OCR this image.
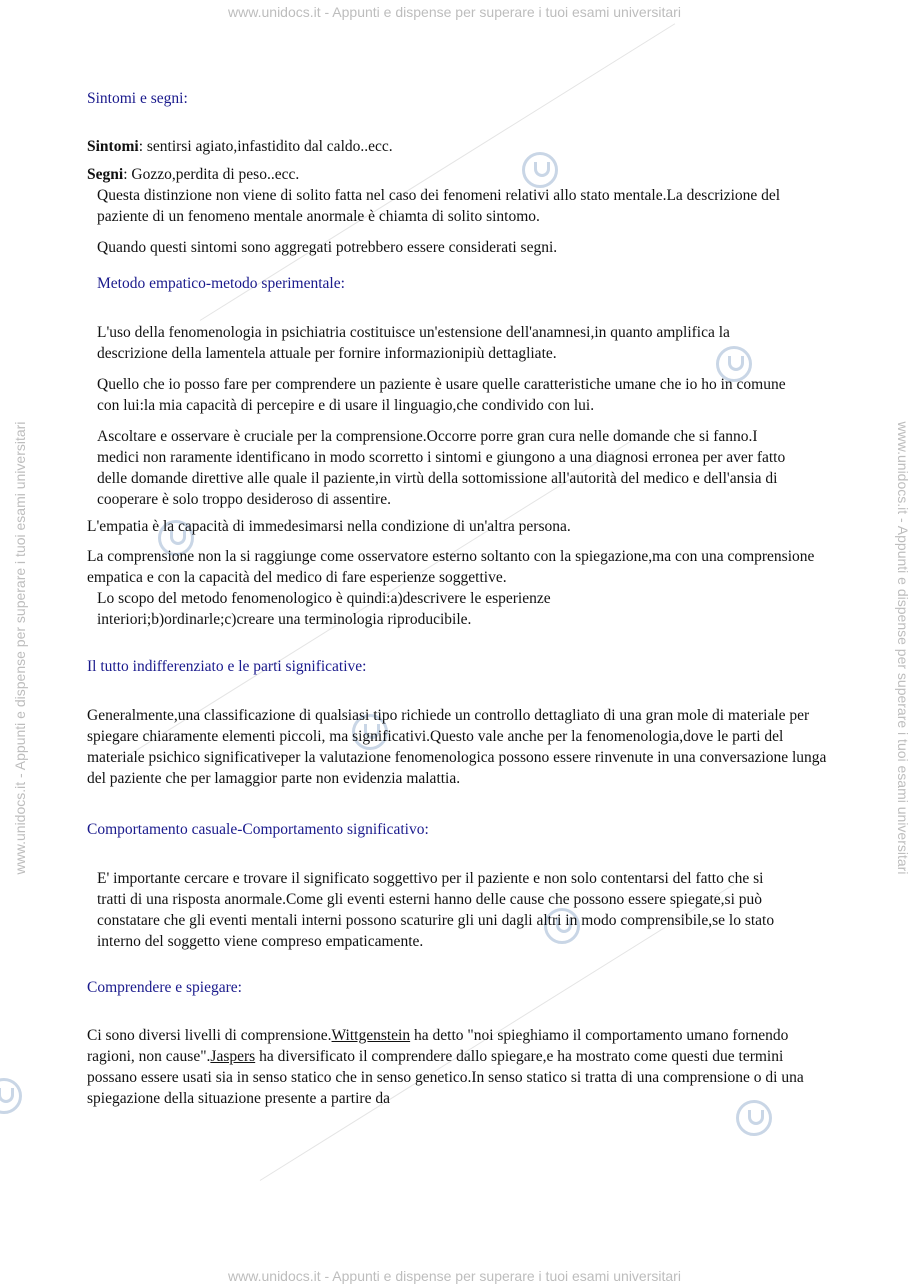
www.unidocs.it - Appunti e dispense per superare i tuoi esami universitari
www.unidocs.it - Appunti e dispense per superare i tuoi esami universitari
www.unidocs.it - Appunti e dispense per superare i tuoi esami universitari	www.unidocs.it - Appunti e dispense per superare i tuoi esami universitari

Sintomi e segni:

Sintomi: sentirsi agiato,infastidito dal caldo..ecc.

Segni: Gozzo,perdita di peso..ecc.

Questa distinzione non viene di solito fatta nel caso dei fenomeni relativi allo stato mentale.La descrizione del paziente di un fenomeno mentale anormale è chiamta di solito sintomo.

Quando questi sintomi sono aggregati potrebbero essere considerati segni.

Metodo empatico-metodo sperimentale:

L'uso della fenomenologia in psichiatria costituisce un'estensione dell'anamnesi,in quanto amplifica la descrizione della lamentela attuale per fornire informazionipiù dettagliate.

Quello che io posso fare per comprendere un paziente è usare quelle caratteristiche umane che io ho in comune con lui:la mia capacità di percepire e di usare il linguagio,che condivido con lui.

Ascoltare e osservare è cruciale per la comprensione.Occorre porre gran cura nelle domande che si fanno.I medici non raramente identificano in modo scorretto i sintomi e giungono a una diagnosi erronea per aver fatto delle domande direttive alle quale il paziente,in virtù della sottomissione all'autorità del medico e dell'ansia di cooperare è solo troppo desideroso di assentire.

L'empatia è la capacità di immedesimarsi nella condizione di un'altra persona.

La comprensione non la si raggiunge come osservatore esterno soltanto con la spiegazione,ma con una comprensione empatica e con la capacità del medico di fare esperienze soggettive.

Lo scopo del metodo fenomenologico è quindi:a)descrivere le esperienze interiori;b)ordinarle;c)creare una terminologia riproducibile.

Il tutto indifferenziato e le parti significative:

Generalmente,una classificazione di qualsiasi tipo richiede un controllo dettagliato di una gran mole di materiale per spiegare chiaramente elementi piccoli, ma significativi.Questo vale anche per la fenomenologia,dove le parti del materiale psichico significativeper la valutazione fenomenologica possono essere rinvenute in una conversazione lunga del paziente che per lamaggior parte non evidenzia malattia.

Comportamento casuale-Comportamento significativo:

E' importante cercare e trovare il significato soggettivo per il paziente e non solo contentarsi del fatto che si tratti di una risposta anormale.Come gli eventi esterni hanno delle cause che possono essere spiegate,si può constatare che gli eventi mentali interni possono scaturire gli uni dagli altri in modo comprensibile,se lo stato interno del soggetto viene compreso empaticamente.

Comprendere e spiegare:

Ci sono diversi livelli di comprensione.Wittgenstein ha detto "noi spieghiamo il comportamento umano fornendo ragioni, non cause".Jaspers ha diversificato il comprendere dallo spiegare,e ha mostrato come questi due termini possano essere usati sia in senso statico che in senso genetico.In senso statico si tratta di una comprensione o di una spiegazione della situazione presente a partire da
